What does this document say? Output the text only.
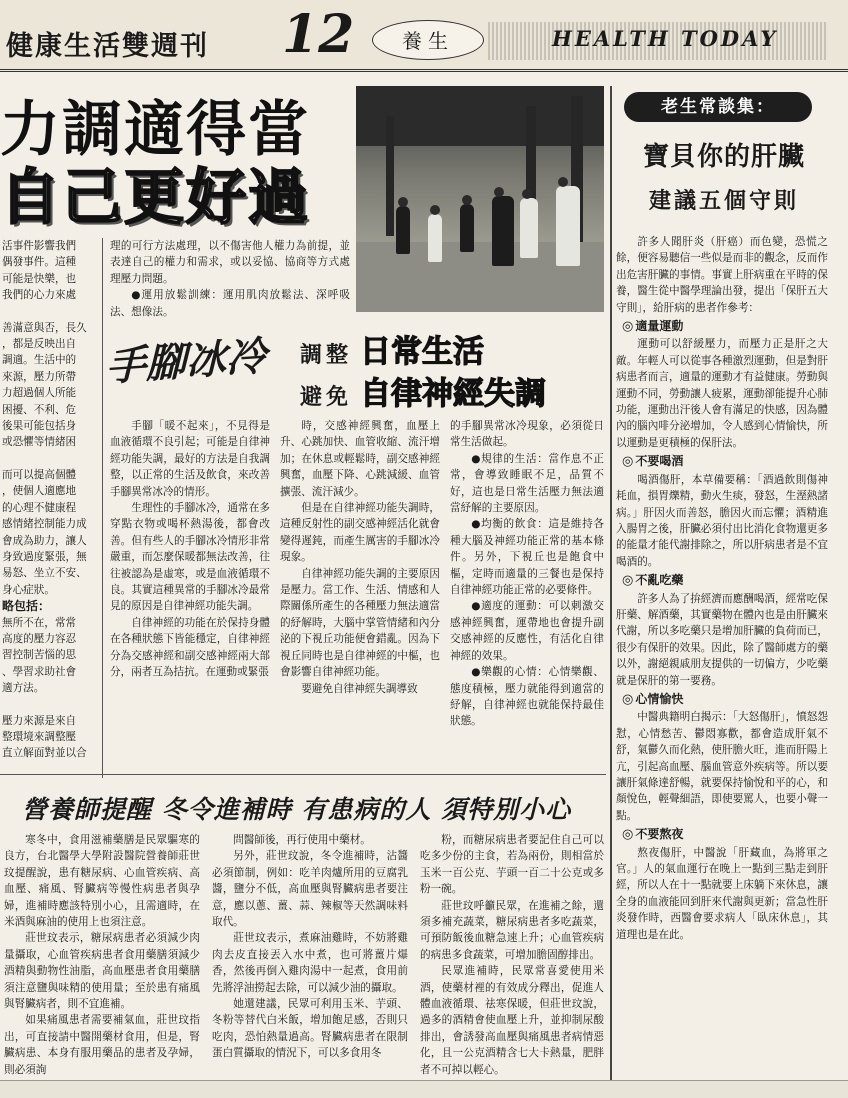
健康生活雙週刊 12	養生	HEALTH TODAY
力調適得當
自己更好過
活事件影響我們
偶發事件。這種
可能是快樂，也
我們的心力來處
善滿意與否，長久
，都是反映出自
調適。生活中的
來源，壓力所帶
力超過個人所能
困擾、不利、危
後果可能包括身
或恐懼等情緒困
而可以提高個體
，使個人適應地
的心理不健康程
感情緒控制能力成
會成為助力，讓人
身致過度緊張，無
易怒、坐立不安、
身心症狀。
略包括：
無所不在，常常
高度的壓力容忍
習控制苦惱的思
、學習求助社會
適方法。
壓力來源是來自
整環境來調整壓
直立解面對並以合

理的可行方法處理，以不傷害他人權力為前提，並表達自己的權力和需求，或以妥協、協商等方式處理壓力問題。

●運用放鬆訓練：運用肌肉放鬆法、深呼吸法、想像法。

手腳冰冷 調整 日常生活
避免 自律神經失調

手腳「暖不起來」，不見得是血液循環不良引起；可能是自律神經功能失調，最好的方法是自我調整，以正常的生活及飲食，來改善手腳異常冰冷的情形。

生理性的手腳冰冷，通常在多穿點衣物或喝杯熱湯後，都會改善。但有些人的手腳冰冷情形非常嚴重，而怎麼保暖都無法改善，往往被認為是虛寒，或是血液循環不良。其實這種異常的手腳冰冷最常見的原因是自律神經功能失調。

自律神經的功能在於保持身體在各種狀態下皆能穩定，自律神經分為交感神經和副交感神經兩大部分，兩者互為拮抗。在運動或緊張

時，交感神經興奮，血壓上升、心跳加快、血管收縮、流汗增加；在休息或輕鬆時，副交感神經興奮，血壓下降、心跳減緩、血管擴張、流汗減少。

但是在自律神經功能失調時，這種反射性的副交感神經活化就會變得遲鈍，而產生厲害的手腳冰冷現象。

自律神經功能失調的主要原因是壓力。當工作、生活、情感和人際關係所產生的各種壓力無法適當的紓解時，大腦中掌管情緒和內分泌的下視丘功能便會錯亂。因為下視丘同時也是自律神經的中樞，也會影響自律神經功能。

要避免自律神經失調導致

的手腳異常冰冷現象，必須從日常生活做起。

●規律的生活：當作息不正常，會導致睡眠不足，品質不好，這也是日常生活壓力無法適當紓解的主要原因。

●均衡的飲食：這是維持各種大腦及神經功能正常的基本條件。另外，下視丘也是飽食中樞，定時而適量的三餐也是保持自律神經功能正常的必要條件。

●適度的運動：可以刺激交感神經興奮，運帶地也會提升副交感神經的反應性，有活化自律神經的效果。

●樂觀的心情：心情樂觀、態度積極，壓力就能得到適當的紓解，自律神經也就能保持最佳狀態。

營養師提醒 冬令進補時 有患病的人 須特別小心

寒冬中，食用滋補藥膳是民眾驅寒的良方，台北醫學大學附設醫院營養師莊世玟提醒說，患有糖尿病、心血管疾病、高血壓、痛風、腎臟病等慢性病患者與孕婦，進補時應該特別小心，且需適時，在米酒與麻油的使用上也須注意。

莊世玟表示，糖尿病患者必須減少肉量攝取，心血管疾病患者食用藥膳須減少酒精與動物性油脂，高血壓患者食用藥膳須注意鹽與味精的使用量；至於患有痛風與腎臟病者，則不宜進補。

如果痛風患者需要補氣血，莊世玟指出，可直接請中醫開藥材食用，但是，腎臟病患、本身有服用藥品的患者及孕婦，則必須詢

問醫師後，再行使用中藥材。

另外，莊世玟說，冬令進補時，沾醬必須節制，例如：吃羊肉爐所用的豆腐乳醬，鹽分不低，高血壓與腎臟病患者要注意，應以蔥、薑、蒜、辣椒等天然調味料取代。

莊世玟表示，煮麻油雞時，不妨將雞肉去皮直接丟入水中煮，也可將薑片爆香，然後再倒入雞肉湯中一起煮，食用前先將浮油撈起去除，可以減少油的攝取。

她還建議，民眾可利用玉米、芋頭、冬粉等替代白米飯，增加飽足感，否則只吃肉，恐怕熱量過高。腎臟病患者在限制蛋白質攝取的情況下，可以多食用冬

粉，而糖尿病患者要記住自己可以吃多少份的主食，若為兩份，則相當於玉米一百公克、芋頭一百二十公克或多粉一碗。

莊世玟呼籲民眾，在進補之餘，還須多補充蔬菜，糖尿病患者多吃蔬菜，可預防飯後血糖急速上升；心血管疾病的病患多食蔬菜，可增加膽固醇排出。

民眾進補時，民眾常喜愛使用米酒，使藥材裡的有效成分釋出，促進人體血液循環、祛寒保暖，但莊世玟說，過多的酒精會使血壓上升，並抑制尿酸排出，會誘發高血壓與痛風患者病情惡化，且一公克酒精含七大卡熱量，肥胖者不可掉以輕心。

老生常談集：
寶貝你的肝臟
建議五個守則

許多人聞肝炎（肝癌）而色變，恐慌之餘，便容易聽信一些似是而非的觀念，反而作出危害肝臟的事情。事實上肝病重在平時的保養，醫生從中醫學理論出發，提出「保肝五大守則」，給肝病的患者作參考：

◎ 適量運動

運動可以舒緩壓力，而壓力正是肝之大敵。年輕人可以從事各種激烈運動，但是對肝病患者而言，適量的運動才有益健康。勞動與運動不同，勞動讓人疲累，運動卻能提升心肺功能，運動出汗後人會有滿足的快感，因為體內的腦內啡分泌增加，令人感到心情愉快，所以運動是更積極的保肝法。

◎ 不要喝酒

喝酒傷肝，本草備要稱：「酒過飲則傷神耗血，損胃爍精，動火生痰，發怒，生溼熱諸病。」肝因火而善怒，膽因火而忘懼；酒精進入腸胃之後，肝臟必須付出比消化食物還更多的能量才能代謝排除之，所以肝病患者是不宜喝酒的。

◎ 不亂吃藥

許多人為了拚經濟而應酬喝酒，經常吃保肝藥、解酒藥，其實藥物在體內也是由肝臟來代謝，所以多吃藥只是增加肝臟的負荷而已，很少有保肝的效果。因此，除了醫師處方的藥以外，謝絕親戚朋友提供的一切偏方，少吃藥就是保肝的第一要務。

◎ 心情愉快

中醫典籍明白揭示：「大怒傷肝」，憤怒怨懟，心情愁苦、鬱悶寡歡，都會造成肝氣不舒，氣鬱久而化熱，使肝膽火旺，進而肝陽上亢，引起高血壓、腦血管意外疾病等。所以要讓肝氣條達舒暢，就要保持愉悅和平的心，和顏悅色，輕聲細語，即使要罵人，也要小聲一點。

◎ 不要熬夜

熬夜傷肝，中醫說「肝藏血，為將軍之官。」人的氣血運行在晚上一點到三點走到肝經，所以人在十一點就要上床躺下來休息，讓全身的血液能回到肝來代謝與更新；當急性肝炎發作時，西醫會要求病人「臥床休息」，其道理也是在此。
